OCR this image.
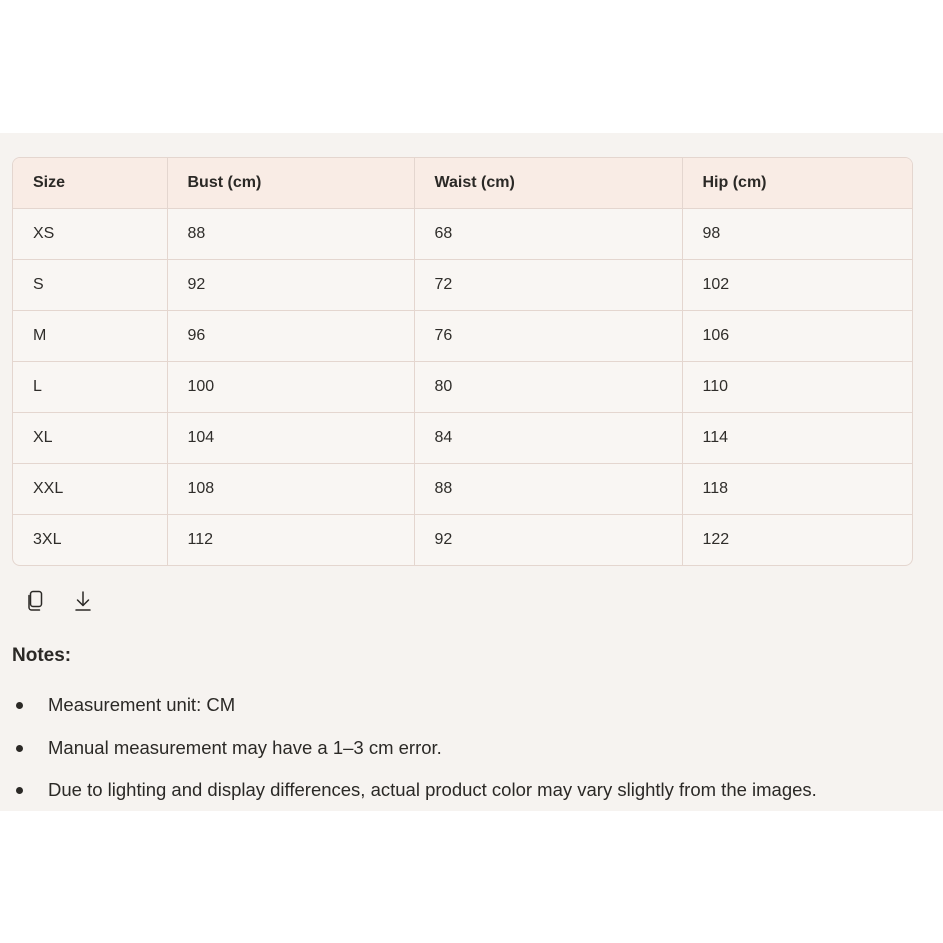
Size	Bust (cm)	Waist (cm)	Hip (cm)
XS	88	68	98
S	92	72	102
M	96	76	106
L	100	80	110
XL	104	84	114
XXL	108	88	118
3XL	112	92	122

Notes:

Measurement unit: CM
Manual measurement may have a 1–3 cm error.
Due to lighting and display differences, actual product color may vary slightly from the images.
